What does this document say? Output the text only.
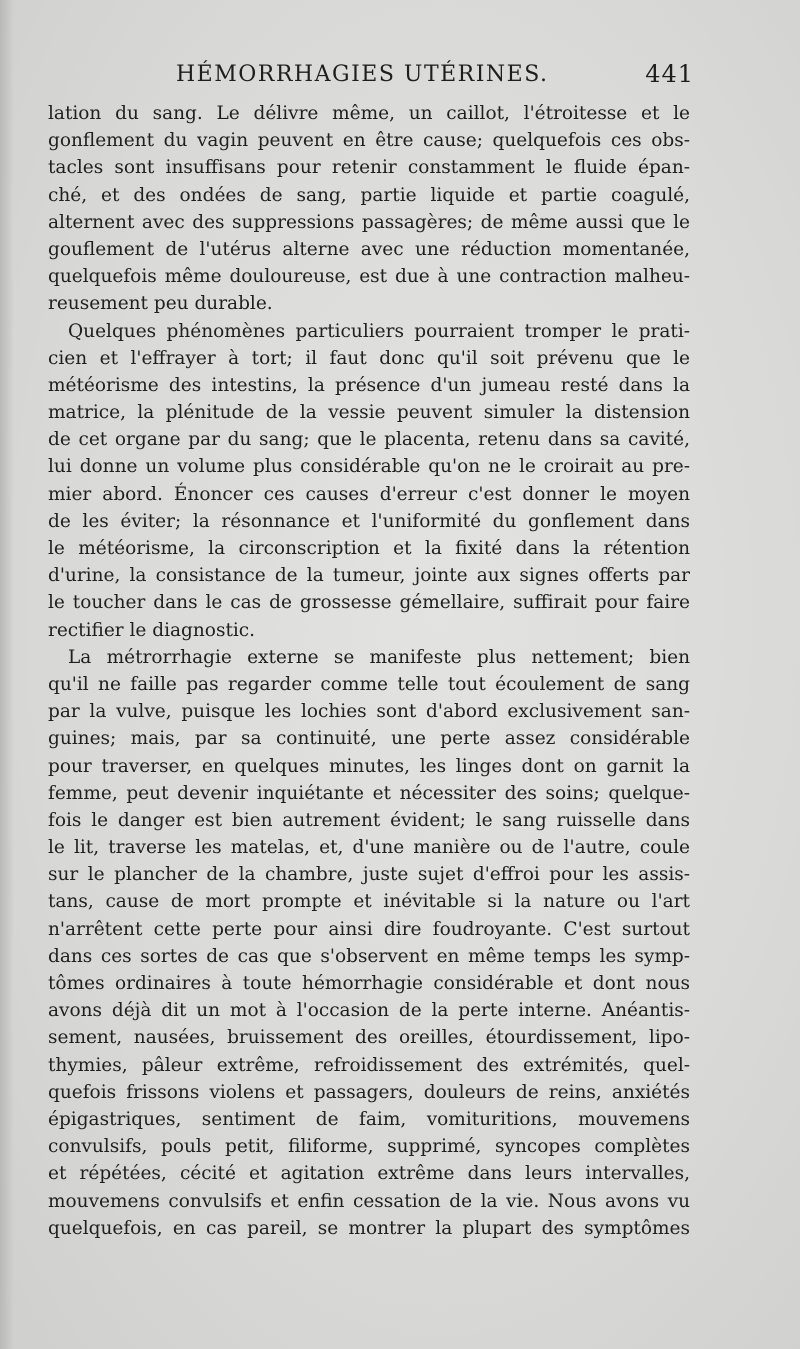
HÉMORRHAGIES UTÉRINES.	441
lation du sang. Le délivre même, un caillot, l'étroitesse et le
gonflement du vagin peuvent en être cause; quelquefois ces obs-
tacles sont insuffisans pour retenir constamment le fluide épan-
ché, et des ondées de sang, partie liquide et partie coagulé,
alternent avec des suppressions passagères; de même aussi que le
gouflement de l'utérus alterne avec une réduction momentanée,
quelquefois même douloureuse, est due à une contraction malheu-
reusement peu durable.
Quelques phénomènes particuliers pourraient tromper le prati-
cien et l'effrayer à tort; il faut donc qu'il soit prévenu que le
météorisme des intestins, la présence d'un jumeau resté dans la
matrice, la plénitude de la vessie peuvent simuler la distension
de cet organe par du sang; que le placenta, retenu dans sa cavité,
lui donne un volume plus considérable qu'on ne le croirait au pre-
mier abord. Énoncer ces causes d'erreur c'est donner le moyen
de les éviter; la résonnance et l'uniformité du gonflement dans
le météorisme, la circonscription et la fixité dans la rétention
d'urine, la consistance de la tumeur, jointe aux signes offerts par
le toucher dans le cas de grossesse gémellaire, suffirait pour faire
rectifier le diagnostic.
La métrorrhagie externe se manifeste plus nettement; bien
qu'il ne faille pas regarder comme telle tout écoulement de sang
par la vulve, puisque les lochies sont d'abord exclusivement san-
guines; mais, par sa continuité, une perte assez considérable
pour traverser, en quelques minutes, les linges dont on garnit la
femme, peut devenir inquiétante et nécessiter des soins; quelque-
fois le danger est bien autrement évident; le sang ruisselle dans
le lit, traverse les matelas, et, d'une manière ou de l'autre, coule
sur le plancher de la chambre, juste sujet d'effroi pour les assis-
tans, cause de mort prompte et inévitable si la nature ou l'art
n'arrêtent cette perte pour ainsi dire foudroyante. C'est surtout
dans ces sortes de cas que s'observent en même temps les symp-
tômes ordinaires à toute hémorrhagie considérable et dont nous
avons déjà dit un mot à l'occasion de la perte interne. Anéantis-
sement, nausées, bruissement des oreilles, étourdissement, lipo-
thymies, pâleur extrême, refroidissement des extrémités, quel-
quefois frissons violens et passagers, douleurs de reins, anxiétés
épigastriques, sentiment de faim, vomituritions, mouvemens
convulsifs, pouls petit, filiforme, supprimé, syncopes complètes
et répétées, cécité et agitation extrême dans leurs intervalles,
mouvemens convulsifs et enfin cessation de la vie. Nous avons vu
quelquefois, en cas pareil, se montrer la plupart des symptômes
